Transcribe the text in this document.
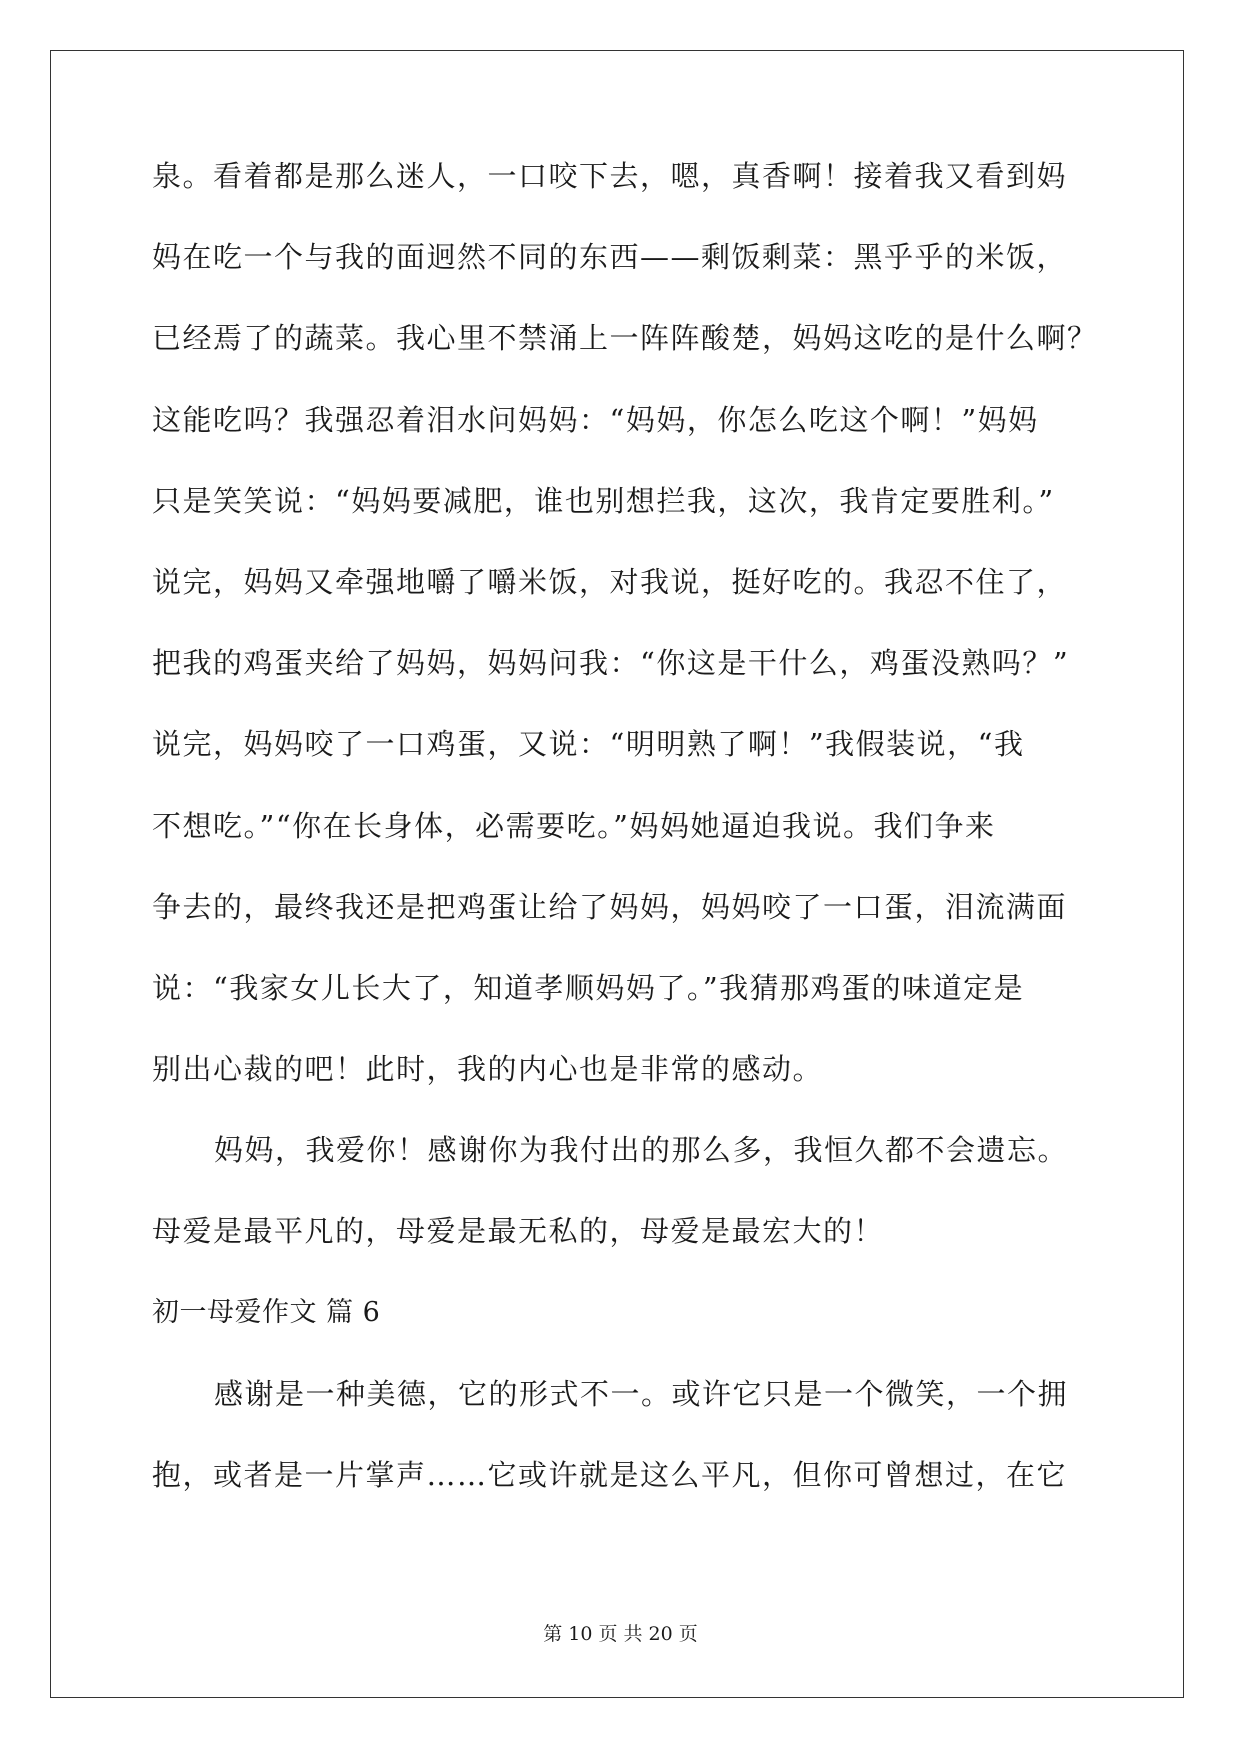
泉。看着都是那么迷人，一口咬下去，嗯，真香啊！接着我又看到妈
妈在吃一个与我的面迥然不同的东西——剩饭剩菜：黑乎乎的米饭，
已经焉了的蔬菜。我心里不禁涌上一阵阵酸楚，妈妈这吃的是什么啊？
这能吃吗？我强忍着泪水问妈妈：“妈妈，你怎么吃这个啊！”妈妈
只是笑笑说：“妈妈要减肥，谁也别想拦我，这次，我肯定要胜利。”
说完，妈妈又牵强地嚼了嚼米饭，对我说，挺好吃的。我忍不住了，
把我的鸡蛋夹给了妈妈，妈妈问我：“你这是干什么，鸡蛋没熟吗？”
说完，妈妈咬了一口鸡蛋，又说：“明明熟了啊！”我假装说，“我
不想吃。”“你在长身体，必需要吃。”妈妈她逼迫我说。我们争来
争去的，最终我还是把鸡蛋让给了妈妈，妈妈咬了一口蛋，泪流满面
说：“我家女儿长大了，知道孝顺妈妈了。”我猜那鸡蛋的味道定是
别出心裁的吧！此时，我的内心也是非常的感动。
妈妈，我爱你！感谢你为我付出的那么多，我恒久都不会遗忘。
母爱是最平凡的，母爱是最无私的，母爱是最宏大的！
初一母爱作文 篇 6
感谢是一种美德，它的形式不一。或许它只是一个微笑，一个拥
抱，或者是一片掌声……它或许就是这么平凡，但你可曾想过，在它
第 10 页 共 20 页
